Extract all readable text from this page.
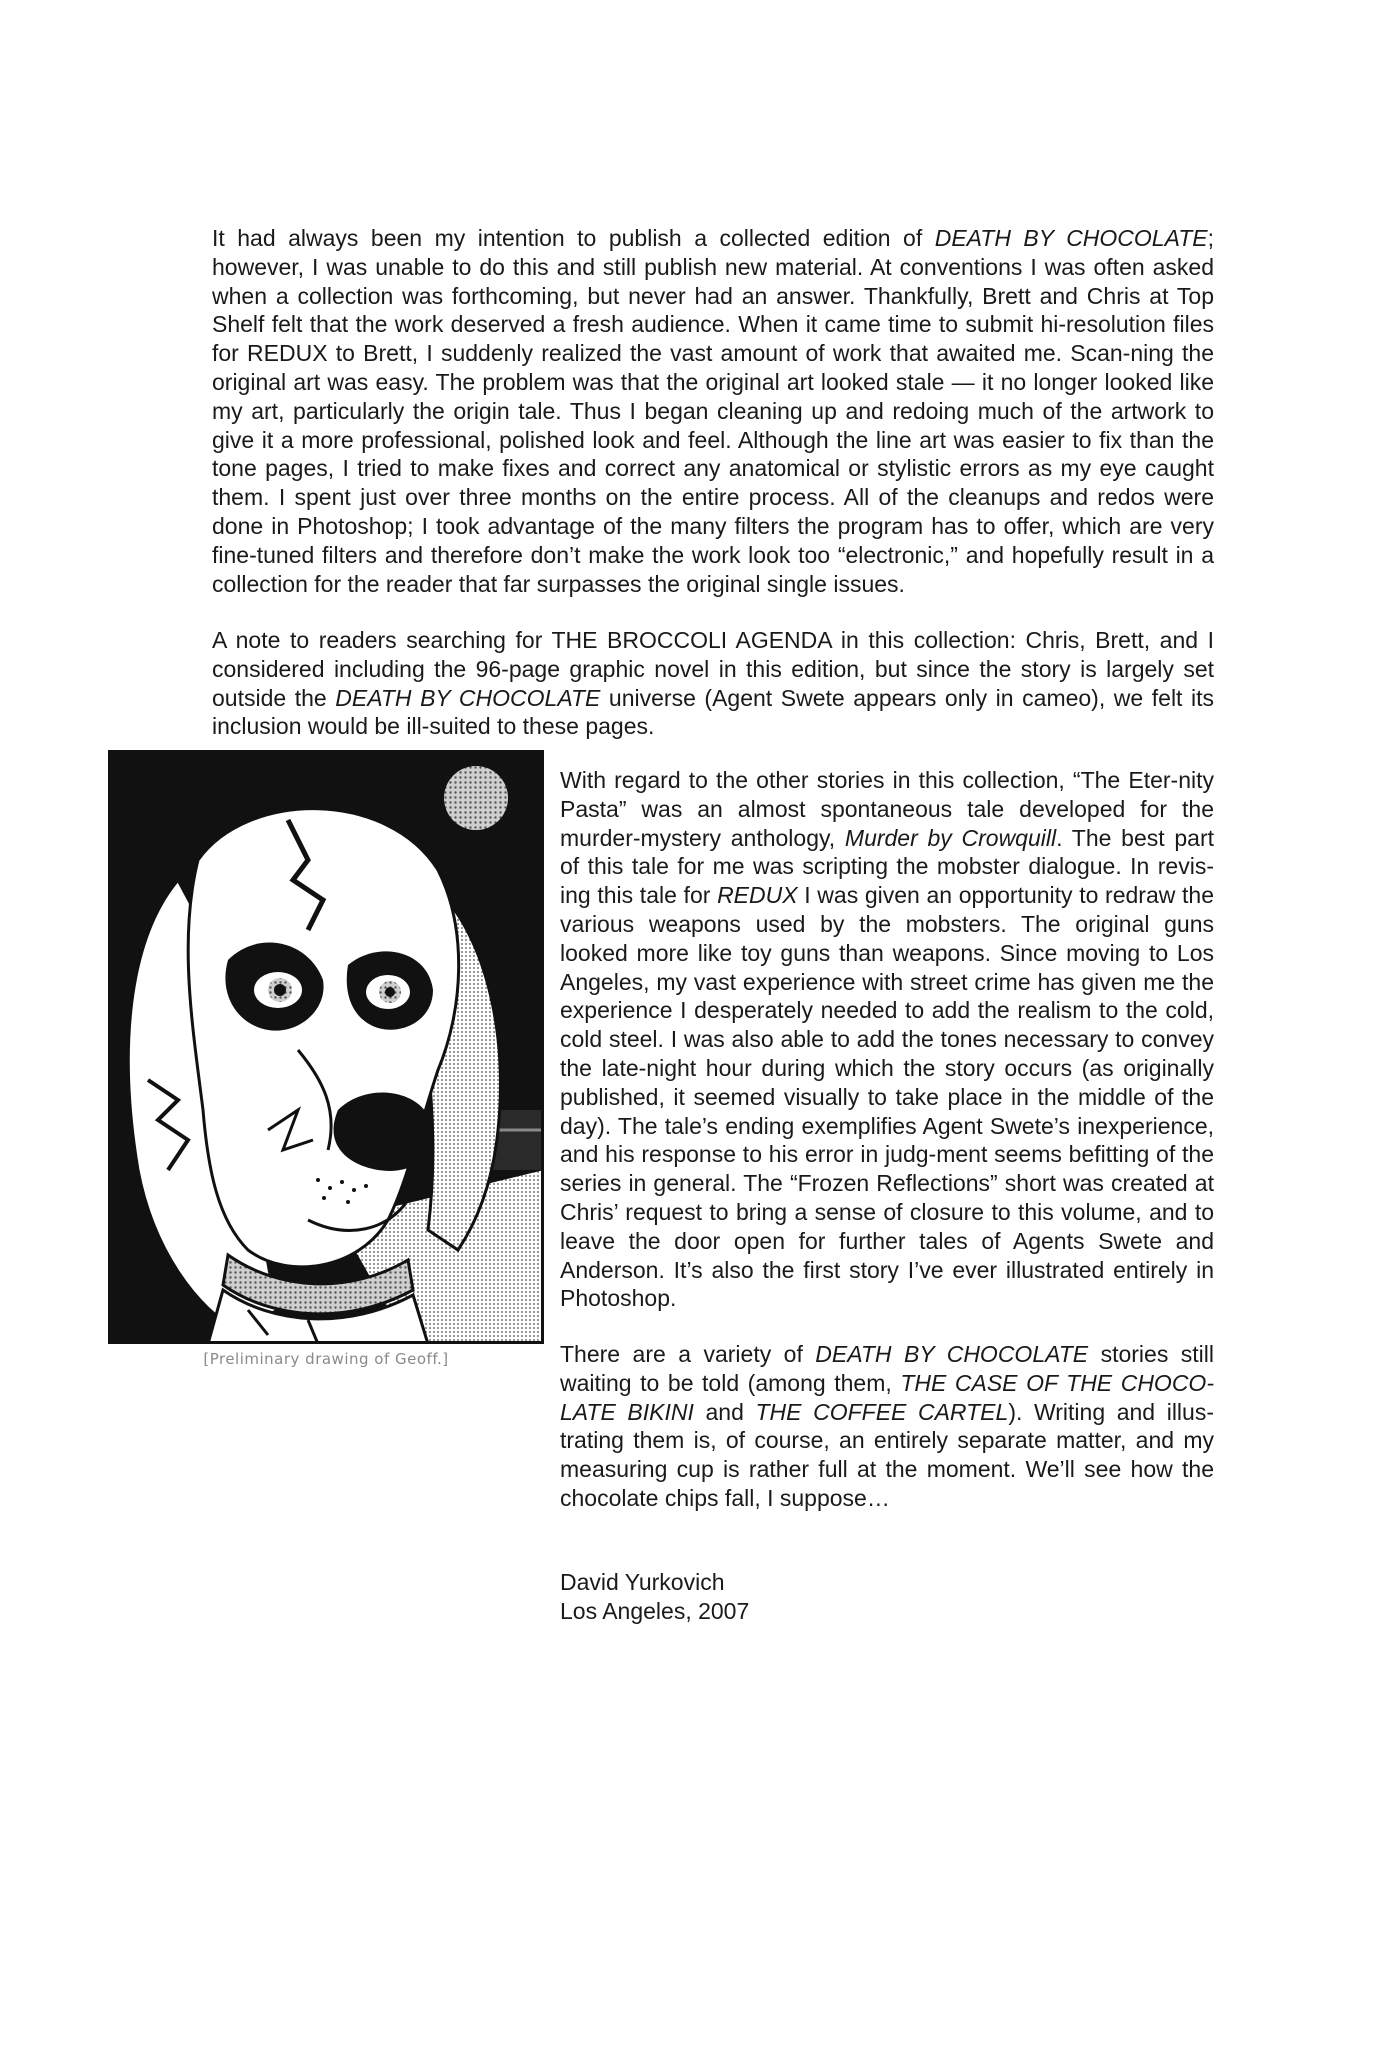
It had always been my intention to publish a collected edition of DEATH BY CHOCOLATE; however, I was unable to do this and still publish new material. At conventions I was often asked when a collection was forthcoming, but never had an answer. Thankfully, Brett and Chris at Top Shelf felt that the work deserved a fresh audience. When it came time to submit hi-resolution files for REDUX to Brett, I suddenly realized the vast amount of work that awaited me. Scan-ning the original art was easy. The problem was that the original art looked stale — it no longer looked like my art, particularly the origin tale. Thus I began cleaning up and redoing much of the artwork to give it a more professional, polished look and feel. Although the line art was easier to fix than the tone pages, I tried to make fixes and correct any anatomical or stylistic errors as my eye caught them. I spent just over three months on the entire process. All of the cleanups and redos were done in Photoshop; I took advantage of the many filters the program has to offer, which are very fine-tuned filters and therefore don’t make the work look too “electronic,” and hopefully result in a collection for the reader that far surpasses the original single issues.

A note to readers searching for THE BROCCOLI AGENDA in this collection: Chris, Brett, and I considered including the 96-page graphic novel in this edition, but since the story is largely set outside the DEATH BY CHOCOLATE universe (Agent Swete appears only in cameo), we felt its inclusion would be ill-suited to these pages.

[Preliminary drawing of Geoff.]

With regard to the other stories in this collection, “The Eter-nity Pasta” was an almost spontaneous tale developed for the murder-mystery anthology, Murder by Crowquill. The best part of this tale for me was scripting the mobster dialogue. In revis-ing this tale for REDUX I was given an opportunity to redraw the various weapons used by the mobsters. The original guns looked more like toy guns than weapons. Since moving to Los Angeles, my vast experience with street crime has given me the experience I desperately needed to add the realism to the cold, cold steel. I was also able to add the tones necessary to convey the late-night hour during which the story occurs (as originally published, it seemed visually to take place in the middle of the day). The tale’s ending exemplifies Agent Swete’s inexperience, and his response to his error in judg-ment seems befitting of the series in general. The “Frozen Reflections” short was created at Chris’ request to bring a sense of closure to this volume, and to leave the door open for further tales of Agents Swete and Anderson. It’s also the first story I’ve ever illustrated entirely in Photoshop.

There are a variety of DEATH BY CHOCOLATE stories still waiting to be told (among them, THE CASE OF THE CHOCO-LATE BIKINI and THE COFFEE CARTEL). Writing and illus-trating them is, of course, an entirely separate matter, and my measuring cup is rather full at the moment. We’ll see how the chocolate chips fall, I suppose…

David Yurkovich
Los Angeles, 2007
